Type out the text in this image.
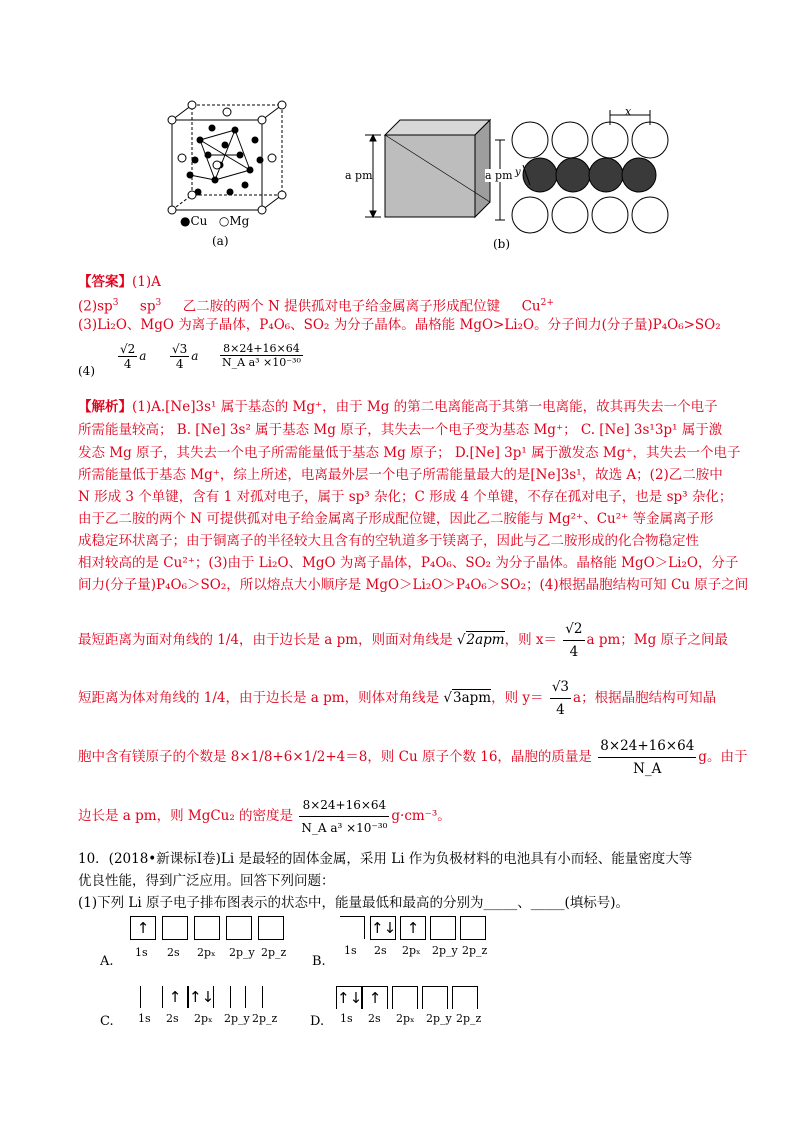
●Cu ○Mg
(a)
a pm	a pm
x
y
(b)
【答案】(1)A
$(2)sp^3$ $sp^3$ 乙二胺的两个 N 提供孤对电子给金属离子形成配位键 $Cu^{2+}$
(3)Li₂O、MgO 为离子晶体，P₄O₆、SO₂ 为分子晶体。晶格能 MgO>Li₂O。分子间力(分子量)P₄O₆>SO₂
$(4) \frac{√2}{4}$ a $\frac{√3}{4}$ a $\frac{8\times 24+16\times 64}{\text{N\_A a³ ×10⁻³⁰}}$
【解析】(1)A.[Ne]3s¹ 属于基态的 Mg⁺，由于 Mg 的第二电离能高于其第一电离能，故其再失去一个电子
所需能量较高； B. [Ne] 3s² 属于基态 Mg 原子，其失去一个电子变为基态 Mg⁺； C. [Ne] 3s¹3p¹ 属于激
发态 Mg 原子，其失去一个电子所需能量低于基态 Mg 原子； D.[Ne] 3p¹ 属于激发态 Mg⁺，其失去一个电子
所需能量低于基态 Mg⁺，综上所述，电离最外层一个电子所需能量最大的是[Ne]3s¹，故选 A；(2)乙二胺中
N 形成 3 个单键，含有 1 对孤对电子，属于 sp³ 杂化；C 形成 4 个单键，不存在孤对电子，也是 sp³ 杂化；
由于乙二胺的两个 N 可提供孤对电子给金属离子形成配位键，因此乙二胺能与 Mg²⁺、Cu²⁺ 等金属离子形
成稳定环状离子；由于铜离子的半径较大且含有的空轨道多于镁离子，因此与乙二胺形成的化合物稳定性
相对较高的是 Cu²⁺；(3)由于 Li₂O、MgO 为离子晶体，P₄O₆、SO₂ 为分子晶体。晶格能 MgO＞Li₂O，分子
间力(分子量)P₄O₆＞SO₂，所以熔点大小顺序是 MgO＞Li₂O＞P₄O₆＞SO₂；(4)根据晶胞结构可知 Cu 原子之间
最短距离为面对角线的 1/4，由于边长是 a pm，则面对角线是 √2apm，则 $x= \frac{√2}{4}$ a pm；Mg 原子之间最
短距离为体对角线的 1/4，由于边长是 a pm，则体对角线是 √3apm，则 $y= \frac{√3}{4}$ a；根据晶胞结构可知晶
胞中含有镁原子的个数是 8×1/8+6×1/2+4＝8，则 Cu 原子个数 16，晶胞的质量是 $\frac{8\times 24+16\times 64}{N\_A}$ g。由于
边长是 a pm，则 MgCu₂ 的密度是 $\frac{8\times 24+16\times 64}{\text{N\_A a³ ×10⁻³⁰}} g\cdot cm^{-3}$。
10．(2018•新课标Ⅰ卷)Li 是最轻的固体金属，采用 Li 作为负极材料的电池具有小而轻、能量密度大等
优良性能，得到广泛应用。回答下列问题：
(1)下列 Li 原子电子排布图表示的状态中，能量最低和最高的分别为_____、_____(填标号)。
A.
↑
1s 2s 2pₓ 2p_y 2p_z
B.
↑↓ ↑
1s 2s 2pₓ 2p_y 2p_z
C.
↑ ↑↓
1s 2s 2pₓ 2p_y 2p_z	D.
↑↓ ↑
1s 2s 2pₓ 2p_y 2p_z
